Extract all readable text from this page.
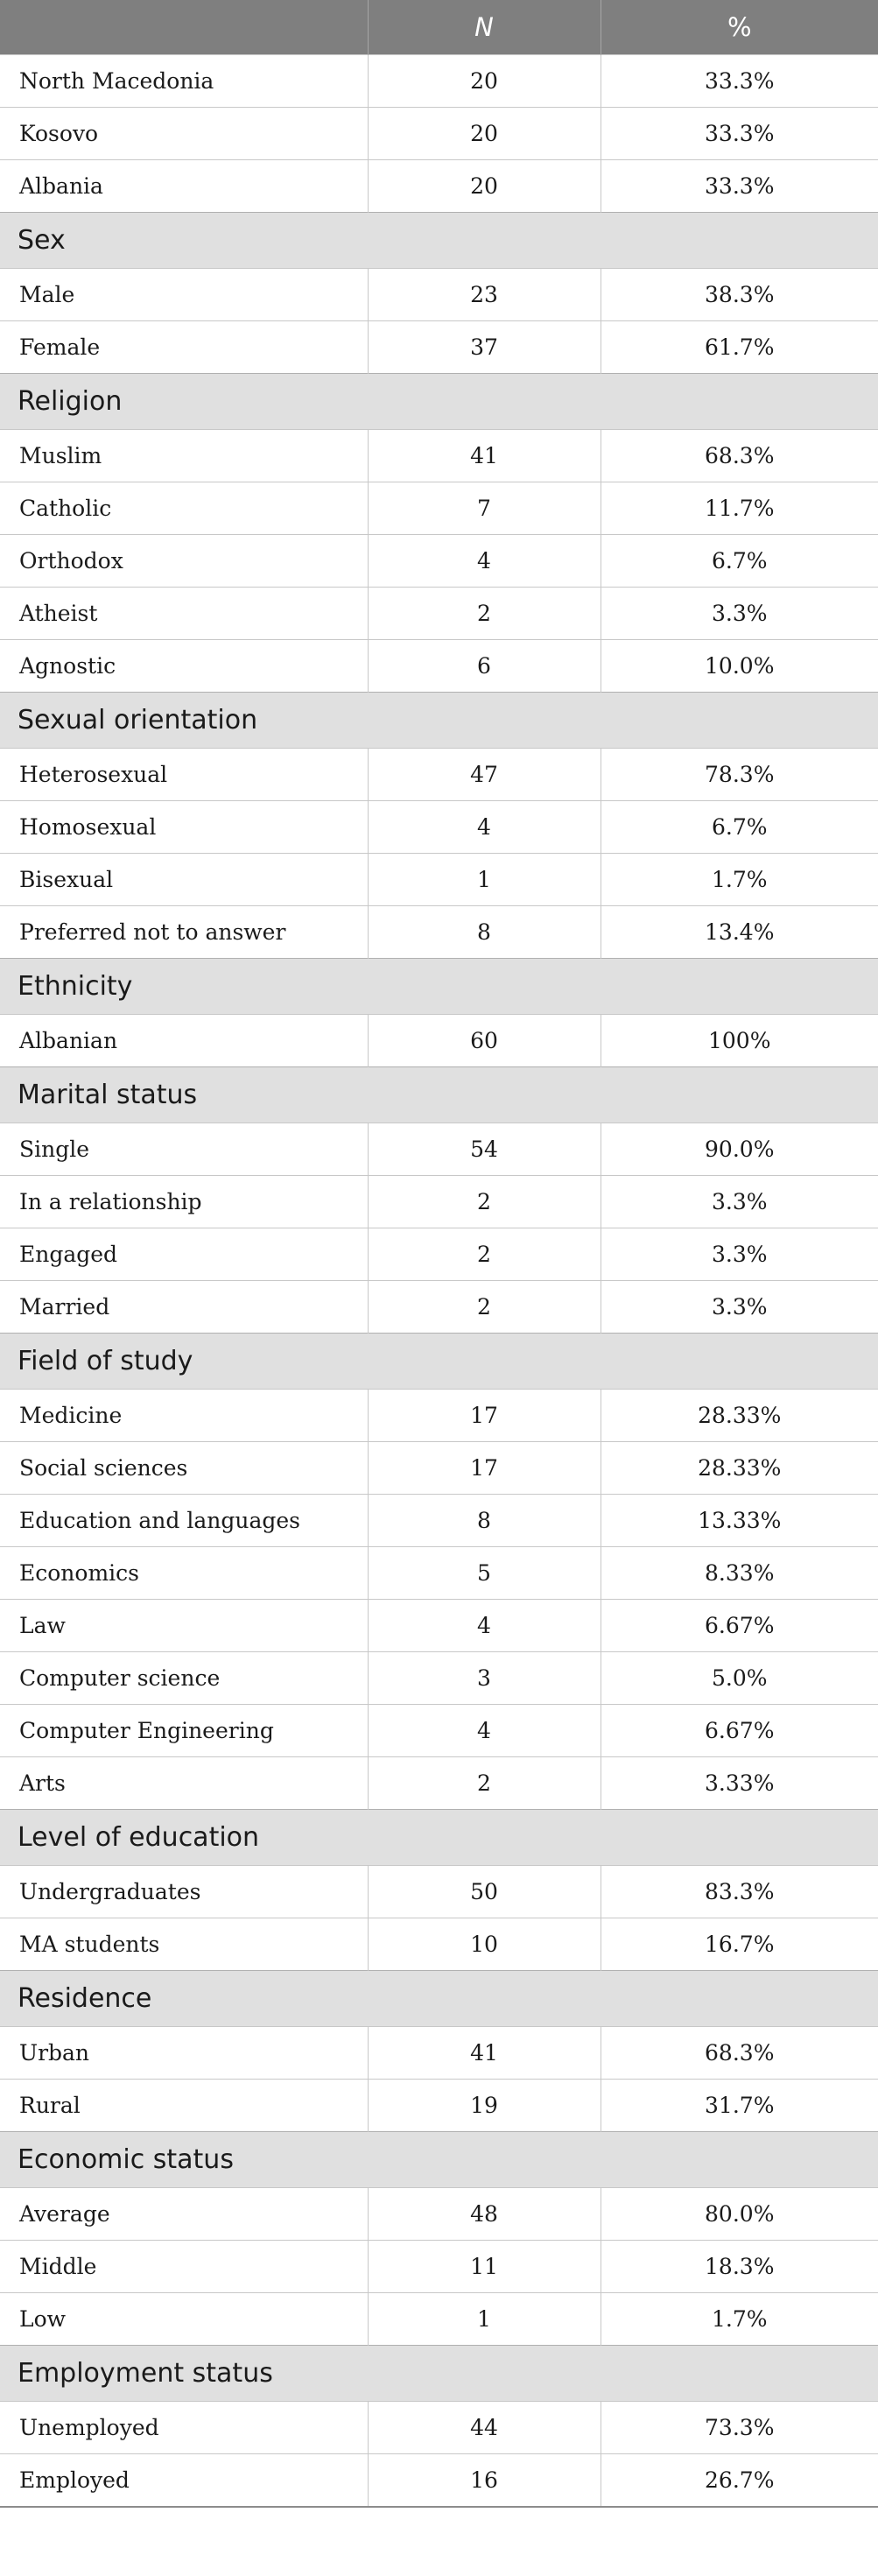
	N	%
North Macedonia	20	33.3%
Kosovo	20	33.3%
Albania	20	33.3%
Sex		
Male	23	38.3%
Female	37	61.7%
Religion		
Muslim	41	68.3%
Catholic	7	11.7%
Orthodox	4	6.7%
Atheist	2	3.3%
Agnostic	6	10.0%
Sexual orientation		
Heterosexual	47	78.3%
Homosexual	4	6.7%
Bisexual	1	1.7%
Preferred not to answer	8	13.4%
Ethnicity		
Albanian	60	100%
Marital status		
Single	54	90.0%
In a relationship	2	3.3%
Engaged	2	3.3%
Married	2	3.3%
Field of study		
Medicine	17	28.33%
Social sciences	17	28.33%
Education and languages	8	13.33%
Economics	5	8.33%
Law	4	6.67%
Computer science	3	5.0%
Computer Engineering	4	6.67%
Arts	2	3.33%
Level of education		
Undergraduates	50	83.3%
MA students	10	16.7%
Residence		
Urban	41	68.3%
Rural	19	31.7%
Economic status		
Average	48	80.0%
Middle	11	18.3%
Low	1	1.7%
Employment status		
Unemployed	44	73.3%
Employed	16	26.7%
